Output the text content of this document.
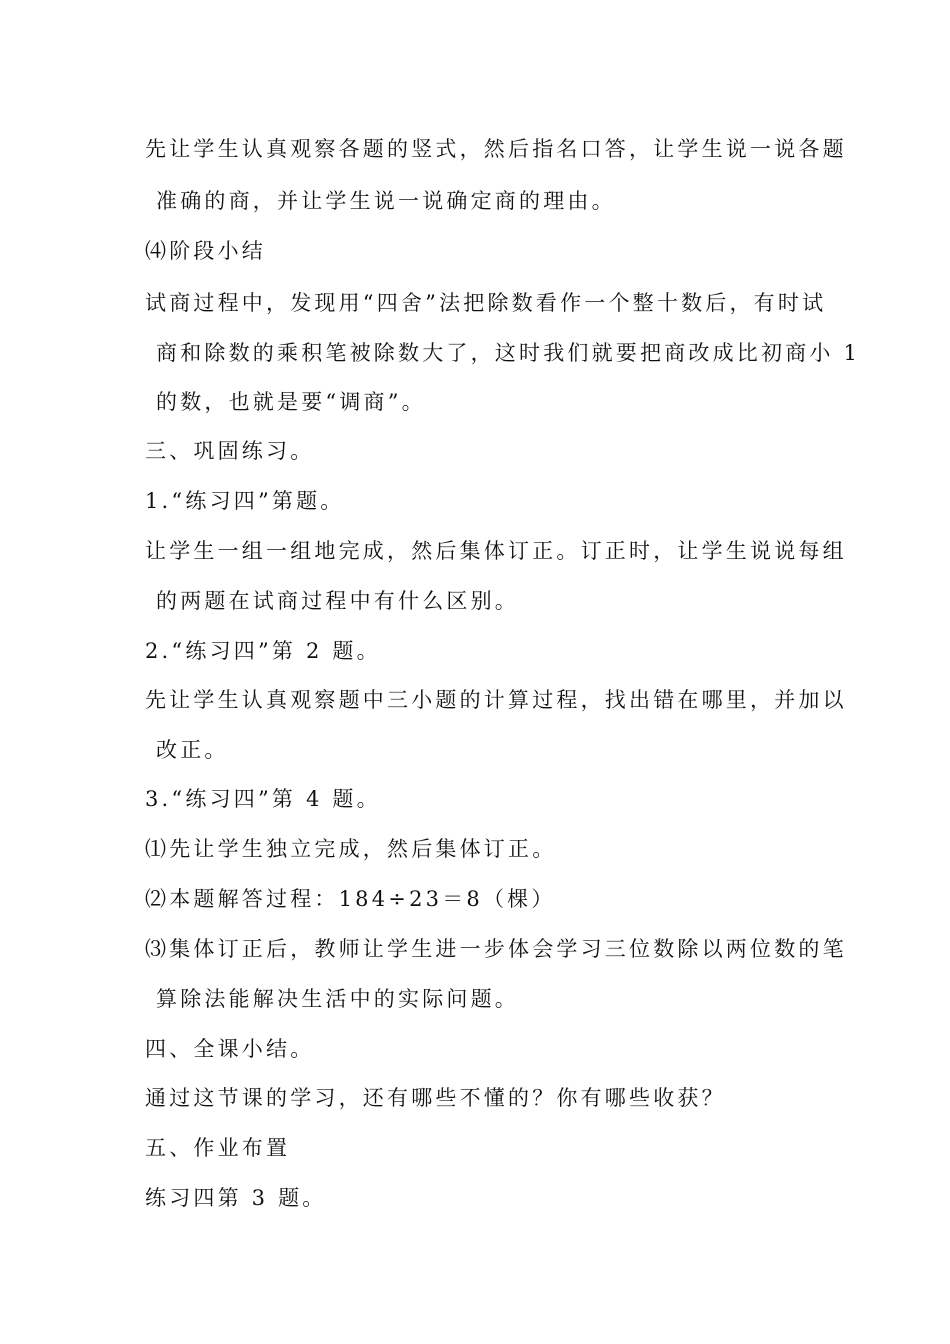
先让学生认真观察各题的竖式，然后指名口答，让学生说一说各题
准确的商，并让学生说一说确定商的理由。
⑷阶段小结
试商过程中，发现用“四舍”法把除数看作一个整十数后，有时试
商和除数的乘积笔被除数大了，这时我们就要把商改成比初商小 1
的数，也就是要“调商”。
三、巩固练习。
1.“练习四”第题。
让学生一组一组地完成，然后集体订正。订正时，让学生说说每组
的两题在试商过程中有什么区别。
2.“练习四”第 2 题。
先让学生认真观察题中三小题的计算过程，找出错在哪里，并加以
改正。
3.“练习四”第 4 题。
⑴先让学生独立完成，然后集体订正。
⑵本题解答过程：184÷23＝8（棵）
⑶集体订正后，教师让学生进一步体会学习三位数除以两位数的笔
算除法能解决生活中的实际问题。
四、全课小结。
通过这节课的学习，还有哪些不懂的？你有哪些收获？
五、作业布置
练习四第 3 题。
